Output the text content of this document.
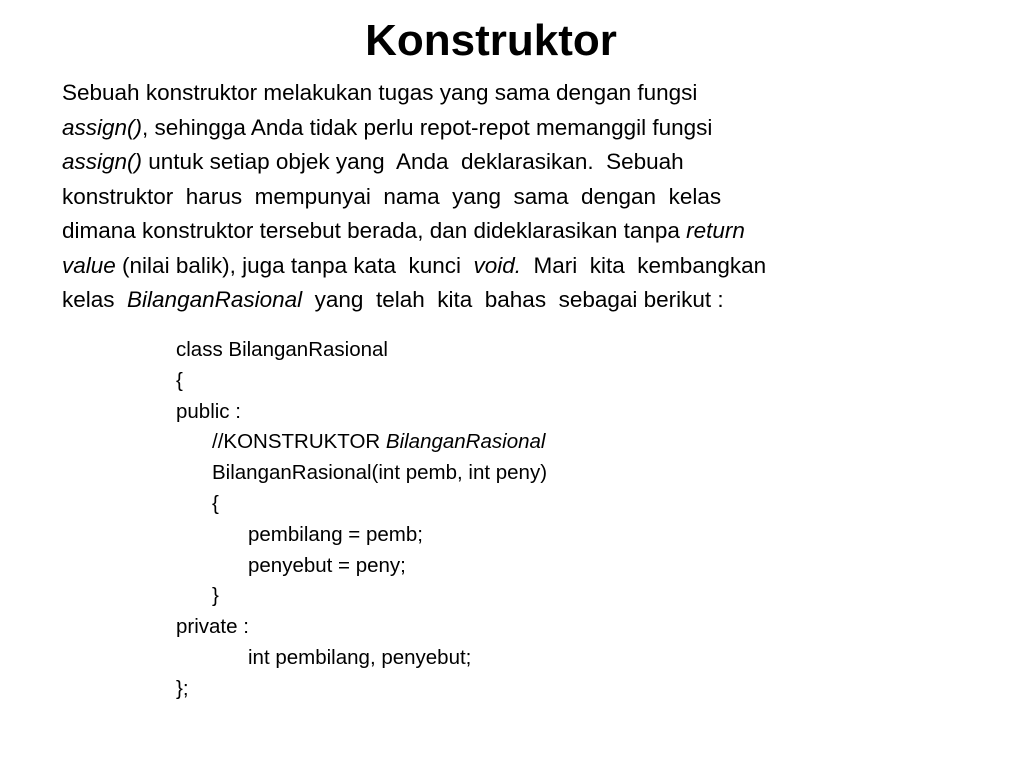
Konstruktor
Sebuah konstruktor melakukan tugas yang sama dengan fungsi
assign(), sehingga Anda tidak perlu repot-repot memanggil fungsi
assign() untuk setiap objek yang  Anda  deklarasikan.  Sebuah
konstruktor  harus  mempunyai  nama  yang  sama  dengan  kelas
dimana konstruktor tersebut berada, dan dideklarasikan tanpa return
value (nilai balik), juga tanpa kata  kunci  void.  Mari  kita  kembangkan
kelas  BilanganRasional  yang  telah  kita  bahas  sebagai berikut :
class BilanganRasional
{
public :
//KONSTRUKTOR BilanganRasional
BilanganRasional(int pemb, int peny)
{
pembilang = pemb;
penyebut = peny;
}
private :
int pembilang, penyebut;
};
